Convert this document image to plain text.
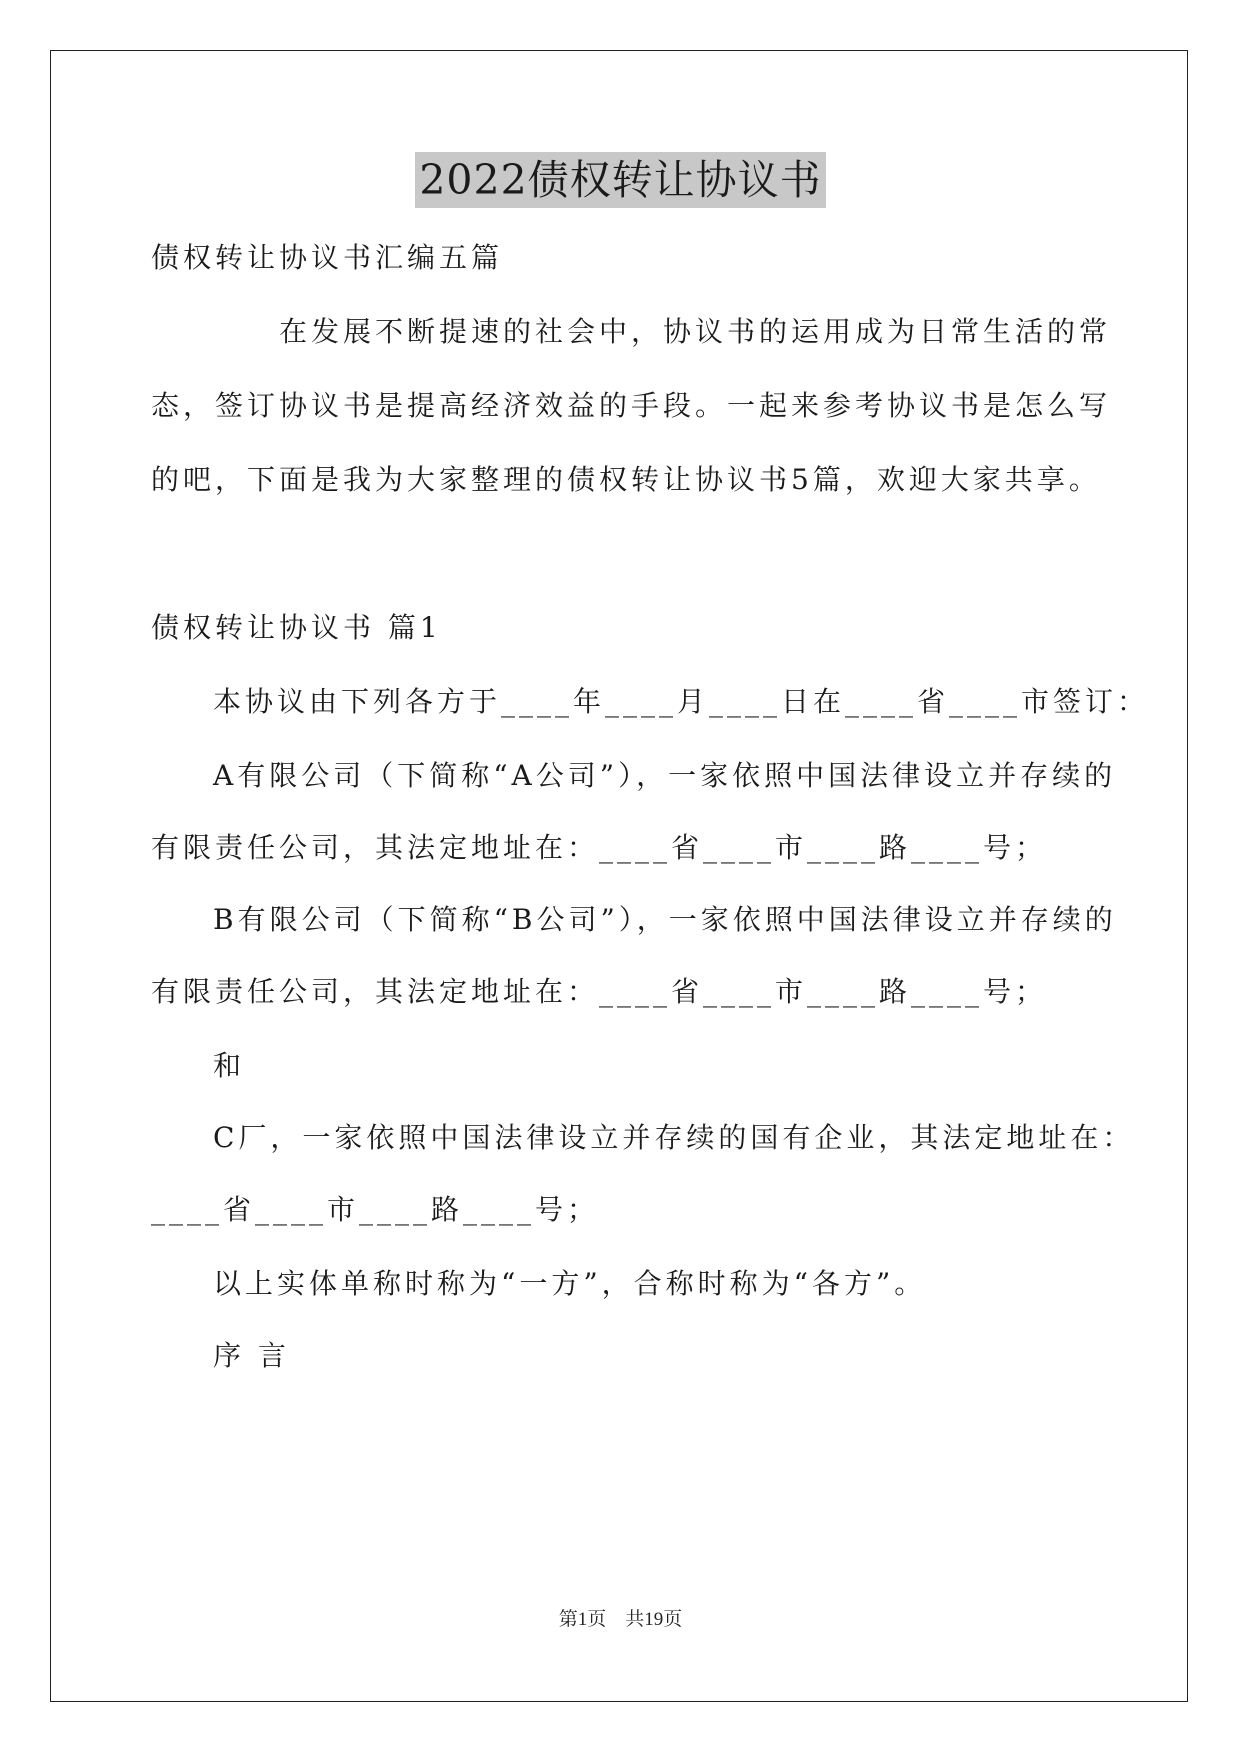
2022债权转让协议书
债权转让协议书汇编五篇
在发展不断提速的社会中，协议书的运用成为日常生活的常
态，签订协议书是提高经济效益的手段。一起来参考协议书是怎么写
的吧，下面是我为大家整理的债权转让协议书5篇，欢迎大家共享。
债权转让协议书 篇1
本协议由下列各方于____年____月____日在____省____市签订：
A有限公司（下简称“A公司”），一家依照中国法律设立并存续的
有限责任公司，其法定地址在：____省____市____路____号；
B有限公司（下简称“B公司”），一家依照中国法律设立并存续的
有限责任公司，其法定地址在：____省____市____路____号；
和
C厂，一家依照中国法律设立并存续的国有企业，其法定地址在：
____省____市____路____号；
以上实体单称时称为“一方”，合称时称为“各方”。
序 言
第1页　共19页
